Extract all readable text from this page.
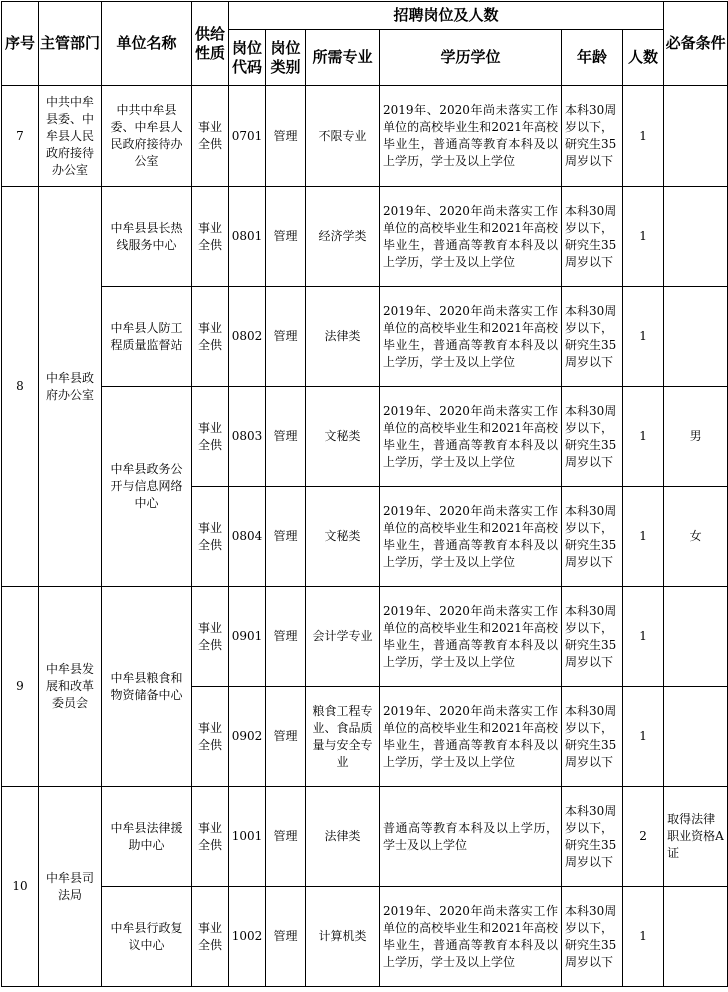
序号	主管部门	单位名称	供给性质	招聘岗位及人数						必备条件
				岗位代码	岗位类别	所需专业	学历学位	年龄	人数	
7	中共中牟县委、中牟县人民政府接待办公室	中共中牟县委、中牟县人民政府接待办公室	事业全供	0701	管理	不限专业	2019年、2020年尚未落实工作单位的高校毕业生和2021年高校毕业生，普通高等教育本科及以上学历，学士及以上学位	本科30周岁以下，研究生35周岁以下	1	
8	中牟县政府办公室	中牟县县长热线服务中心	事业全供	0801	管理	经济学类	2019年、2020年尚未落实工作单位的高校毕业生和2021年高校毕业生，普通高等教育本科及以上学历，学士及以上学位	本科30周岁以下，研究生35周岁以下	1	
		中牟县人防工程质量监督站	事业全供	0802	管理	法律类	2019年、2020年尚未落实工作单位的高校毕业生和2021年高校毕业生，普通高等教育本科及以上学历，学士及以上学位	本科30周岁以下，研究生35周岁以下	1	
		中牟县政务公开与信息网络中心	事业全供	0803	管理	文秘类	2019年、2020年尚未落实工作单位的高校毕业生和2021年高校毕业生，普通高等教育本科及以上学历，学士及以上学位	本科30周岁以下，研究生35周岁以下	1	男
			事业全供	0804	管理	文秘类	2019年、2020年尚未落实工作单位的高校毕业生和2021年高校毕业生，普通高等教育本科及以上学历，学士及以上学位	本科30周岁以下，研究生35周岁以下	1	女
9	中牟县发展和改革委员会	中牟县粮食和物资储备中心	事业全供	0901	管理	会计学专业	2019年、2020年尚未落实工作单位的高校毕业生和2021年高校毕业生，普通高等教育本科及以上学历，学士及以上学位	本科30周岁以下，研究生35周岁以下	1	
			事业全供	0902	管理	粮食工程专业、食品质量与安全专业	2019年、2020年尚未落实工作单位的高校毕业生和2021年高校毕业生，普通高等教育本科及以上学历，学士及以上学位	本科30周岁以下，研究生35周岁以下	1	
10	中牟县司法局	中牟县法律援助中心	事业全供	1001	管理	法律类	普通高等教育本科及以上学历，学士及以上学位	本科30周岁以下，研究生35周岁以下	2	取得法律职业资格A证
		中牟县行政复议中心	事业全供	1002	管理	计算机类	2019年、2020年尚未落实工作单位的高校毕业生和2021年高校毕业生，普通高等教育本科及以上学历，学士及以上学位	本科30周岁以下，研究生35周岁以下	1	
